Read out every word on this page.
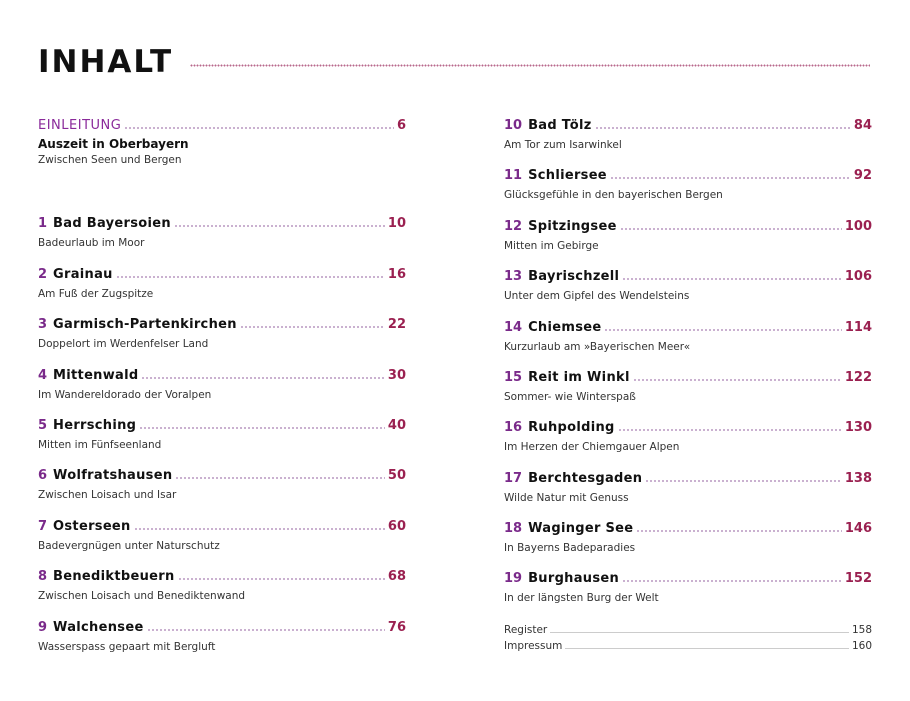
INHALT
EINLEITUNG	6
Auszeit in Oberbayern
Zwischen Seen und Bergen
1 Bad Bayersoien	10
Badeurlaub im Moor
2 Grainau	16
Am Fuß der Zugspitze
3 Garmisch-Partenkirchen	22
Doppelort im Werdenfelser Land
4 Mittenwald	30
Im Wandereldorado der Voralpen
5 Herrsching	40
Mitten im Fünfseenland
6 Wolfratshausen	50
Zwischen Loisach und Isar
7 Osterseen	60
Badevergnügen unter Naturschutz
8 Benediktbeuern	68
Zwischen Loisach und Benediktenwand
9 Walchensee	76
Wasserspass gepaart mit Bergluft
10 Bad Tölz	84
Am Tor zum Isarwinkel
11 Schliersee	92
Glücksgefühle in den bayerischen Bergen
12 Spitzingsee	100
Mitten im Gebirge
13 Bayrischzell	106
Unter dem Gipfel des Wendelsteins
14 Chiemsee	114
Kurzurlaub am »Bayerischen Meer«
15 Reit im Winkl	122
Sommer- wie Winterspaß
16 Ruhpolding	130
Im Herzen der Chiemgauer Alpen
17 Berchtesgaden	138
Wilde Natur mit Genuss
18 Waginger See	146
In Bayerns Badeparadies
19 Burghausen	152
In der längsten Burg der Welt
Register	158
Impressum	160
